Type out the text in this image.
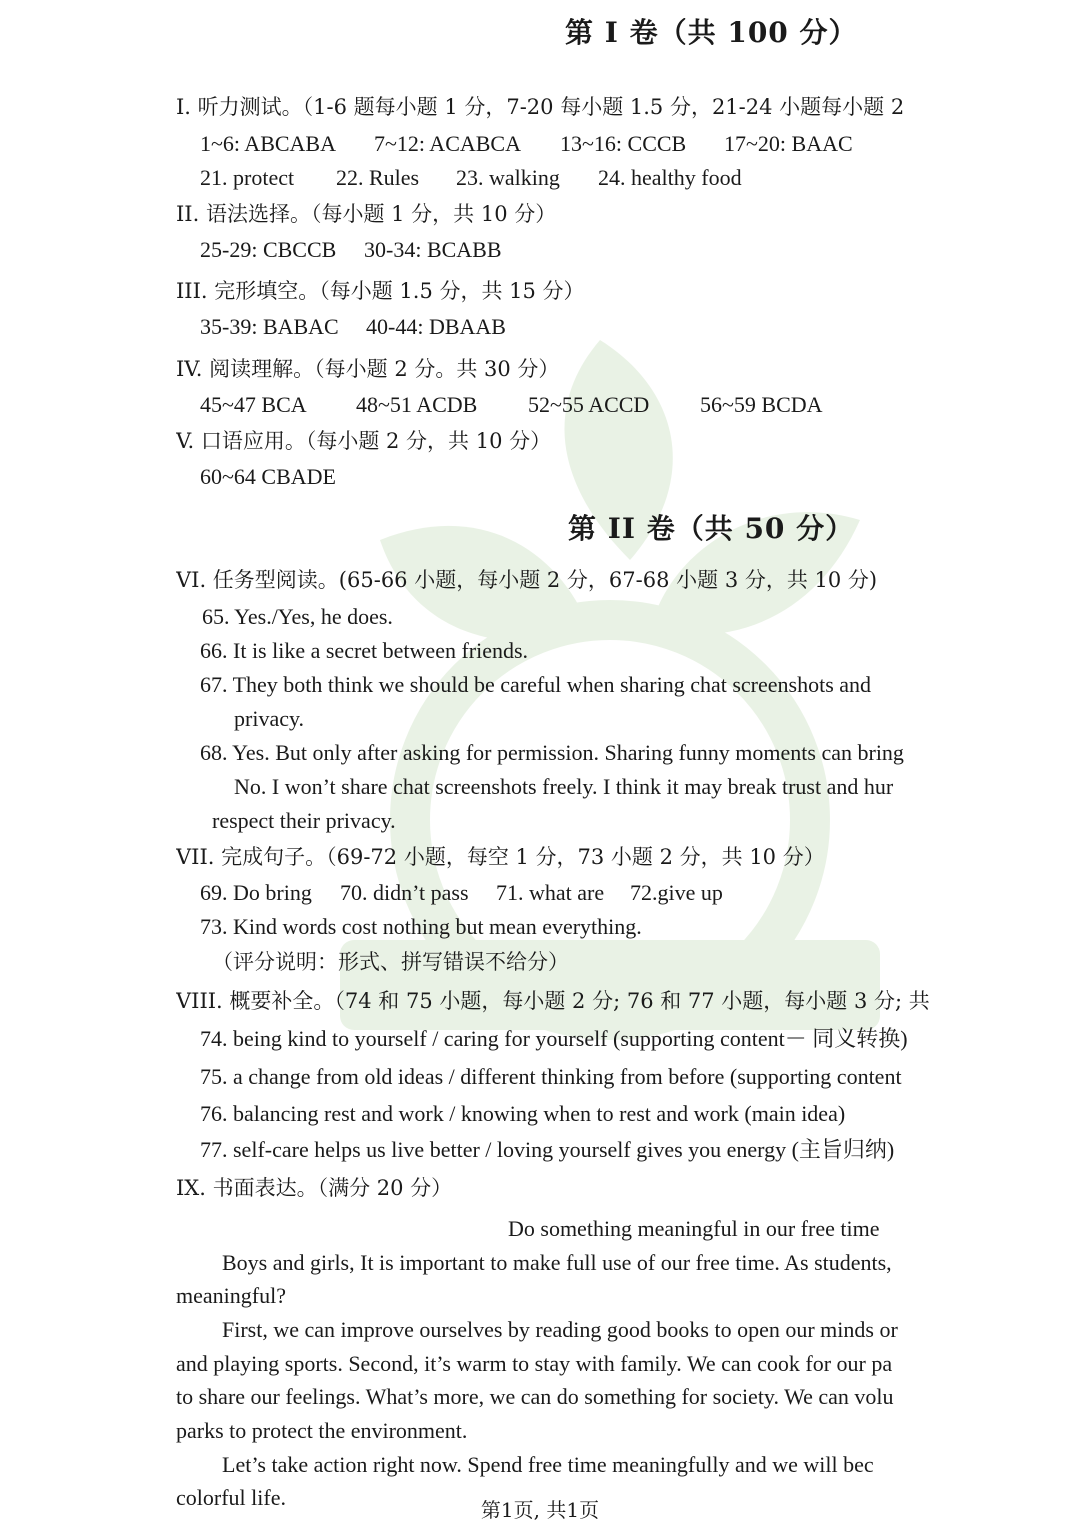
第 I 卷（共 100 分）
I. 听力测试。（1-6 题每小题 1 分，7-20 每小题 1.5 分，21-24 小题每小题 2
1~6: ABCABA 7~12: ACABCA 13~16: CCCB 17~20: BAAC
21. protect 22. Rules 23. walking 24. healthy food
II. 语法选择。（每小题 1 分，共 10 分）
25-29: CBCCB 30-34: BCABB
III. 完形填空。（每小题 1.5 分，共 15 分）
35-39: BABAC 40-44: DBAAB
IV. 阅读理解。（每小题 2 分。共 30 分）
45~47 BCA 48~51 ACDB 52~55 ACCD 56~59 BCDA
V. 口语应用。（每小题 2 分，共 10 分）
60~64 CBADE
第 II 卷（共 50 分）
VI. 任务型阅读。(65-66 小题，每小题 2 分，67-68 小题 3 分，共 10 分)
65. Yes./Yes, he does.
66. It is like a secret between friends.
67. They both think we should be careful when sharing chat screenshots and
privacy.
68. Yes. But only after asking for permission. Sharing funny moments can bring
No. I won’t share chat screenshots freely. I think it may break trust and hur
respect their privacy.
VII. 完成句子。（69-72 小题，每空 1 分，73 小题 2 分，共 10 分）
69. Do bring 70. didn’t pass 71. what are 72.give up
73. Kind words cost nothing but mean everything.
（评分说明：形式、拼写错误不给分）
VIII. 概要补全。（74 和 75 小题，每小题 2 分; 76 和 77 小题，每小题 3 分; 共
74. being kind to yourself / caring for yourself (supporting content－ 同义转换)
75. a change from old ideas / different thinking from before (supporting content
76. balancing rest and work / knowing when to rest and work (main idea)
77. self-care helps us live better / loving yourself gives you energy (主旨归纳)
IX. 书面表达。（满分 20 分）
Do something meaningful in our free time
Boys and girls, It is important to make full use of our free time. As students,
meaningful?
First, we can improve ourselves by reading good books to open our minds or
and playing sports. Second, it’s warm to stay with family. We can cook for our pa
to share our feelings. What’s more, we can do something for society. We can volu
parks to protect the environment.
Let’s take action right now. Spend free time meaningfully and we will bec
colorful life.	第1页, 共1页
